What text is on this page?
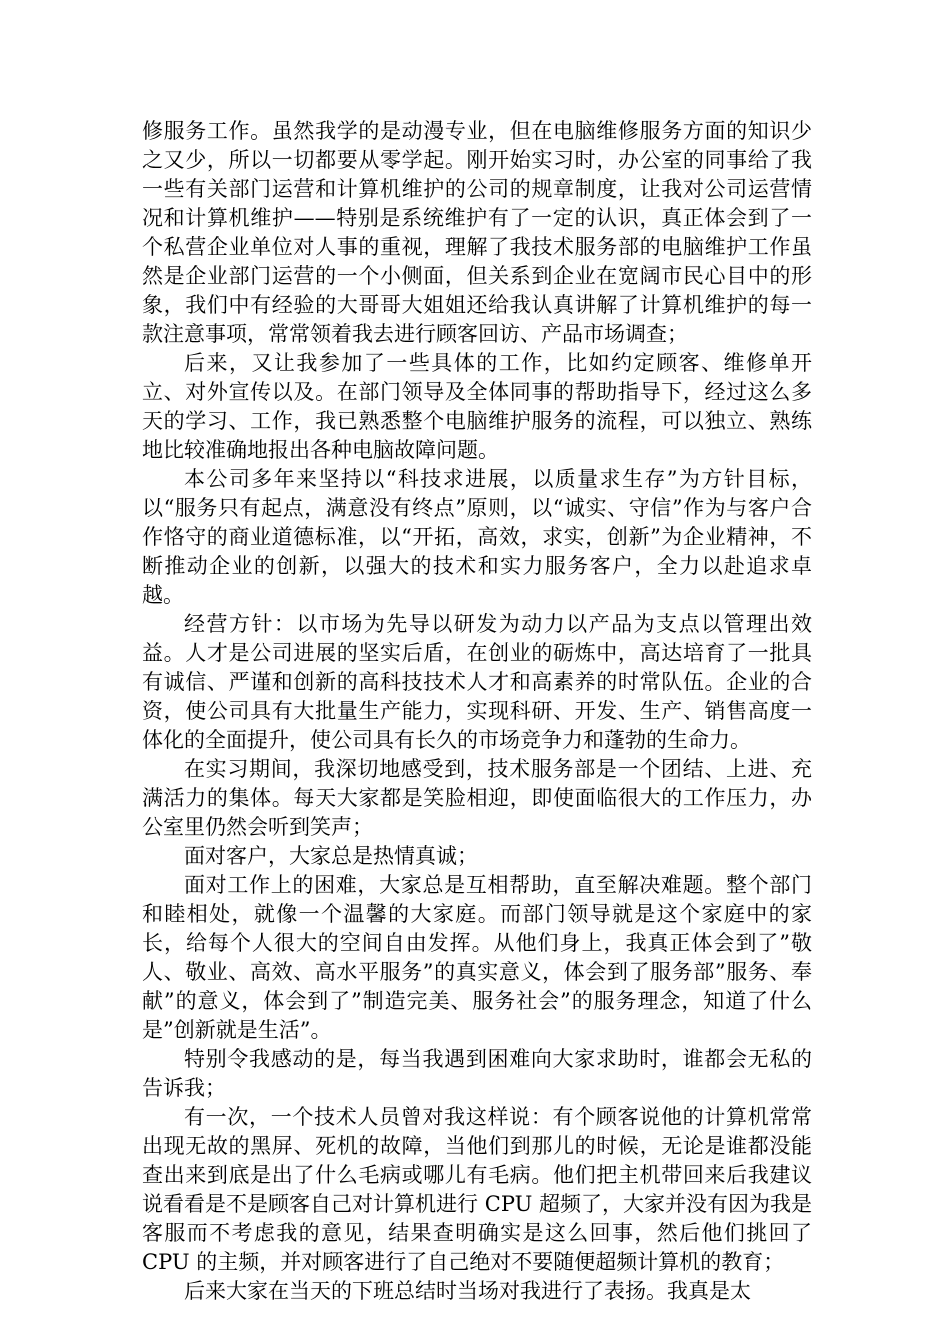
修服务工作。虽然我学的是动漫专业，但在电脑维修服务方面的知识少之又少，所以一切都要从零学起。刚开始实习时，办公室的同事给了我一些有关部门运营和计算机维护的公司的规章制度，让我对公司运营情况和计算机维护——特别是系统维护有了一定的认识，真正体会到了一个私营企业单位对人事的重视，理解了我技术服务部的电脑维护工作虽然是企业部门运营的一个小侧面，但关系到企业在宽阔市民心目中的形象，我们中有经验的大哥哥大姐姐还给我认真讲解了计算机维护的每一款注意事项，常常领着我去进行顾客回访、产品市场调查；

后来，又让我参加了一些具体的工作，比如约定顾客、维修单开立、对外宣传以及。在部门领导及全体同事的帮助指导下，经过这么多天的学习、工作，我已熟悉整个电脑维护服务的流程，可以独立、熟练地比较准确地报出各种电脑故障问题。

本公司多年来坚持以“科技求进展，以质量求生存”为方针目标，以“服务只有起点，满意没有终点”原则，以“诚实、守信”作为与客户合作恪守的商业道德标准，以“开拓，高效，求实，创新”为企业精神，不断推动企业的创新，以强大的技术和实力服务客户，全力以赴追求卓越。

经营方针：以市场为先导以研发为动力以产品为支点以管理出效益。人才是公司进展的坚实后盾，在创业的砺炼中，高达培育了一批具有诚信、严谨和创新的高科技技术人才和高素养的时常队伍。企业的合资，使公司具有大批量生产能力，实现科研、开发、生产、销售高度一体化的全面提升，使公司具有长久的市场竞争力和蓬勃的生命力。

在实习期间，我深切地感受到，技术服务部是一个团结、上进、充满活力的集体。每天大家都是笑脸相迎，即使面临很大的工作压力，办公室里仍然会听到笑声；

面对客户，大家总是热情真诚；

面对工作上的困难，大家总是互相帮助，直至解决难题。整个部门和睦相处，就像一个温馨的大家庭。而部门领导就是这个家庭中的家长，给每个人很大的空间自由发挥。从他们身上，我真正体会到了”敬人、敬业、高效、高水平服务”的真实意义，体会到了服务部”服务、奉献”的意义，体会到了”制造完美、服务社会”的服务理念，知道了什么是”创新就是生活”。

特别令我感动的是，每当我遇到困难向大家求助时，谁都会无私的告诉我；

有一次，一个技术人员曾对我这样说：有个顾客说他的计算机常常出现无故的黑屏、死机的故障，当他们到那儿的时候，无论是谁都没能查出来到底是出了什么毛病或哪儿有毛病。他们把主机带回来后我建议说看看是不是顾客自己对计算机进行 CPU 超频了，大家并没有因为我是客服而不考虑我的意见，结果查明确实是这么回事，然后他们挑回了 CPU 的主频，并对顾客进行了自己绝对不要随便超频计算机的教育；

后来大家在当天的下班总结时当场对我进行了表扬。我真是太
